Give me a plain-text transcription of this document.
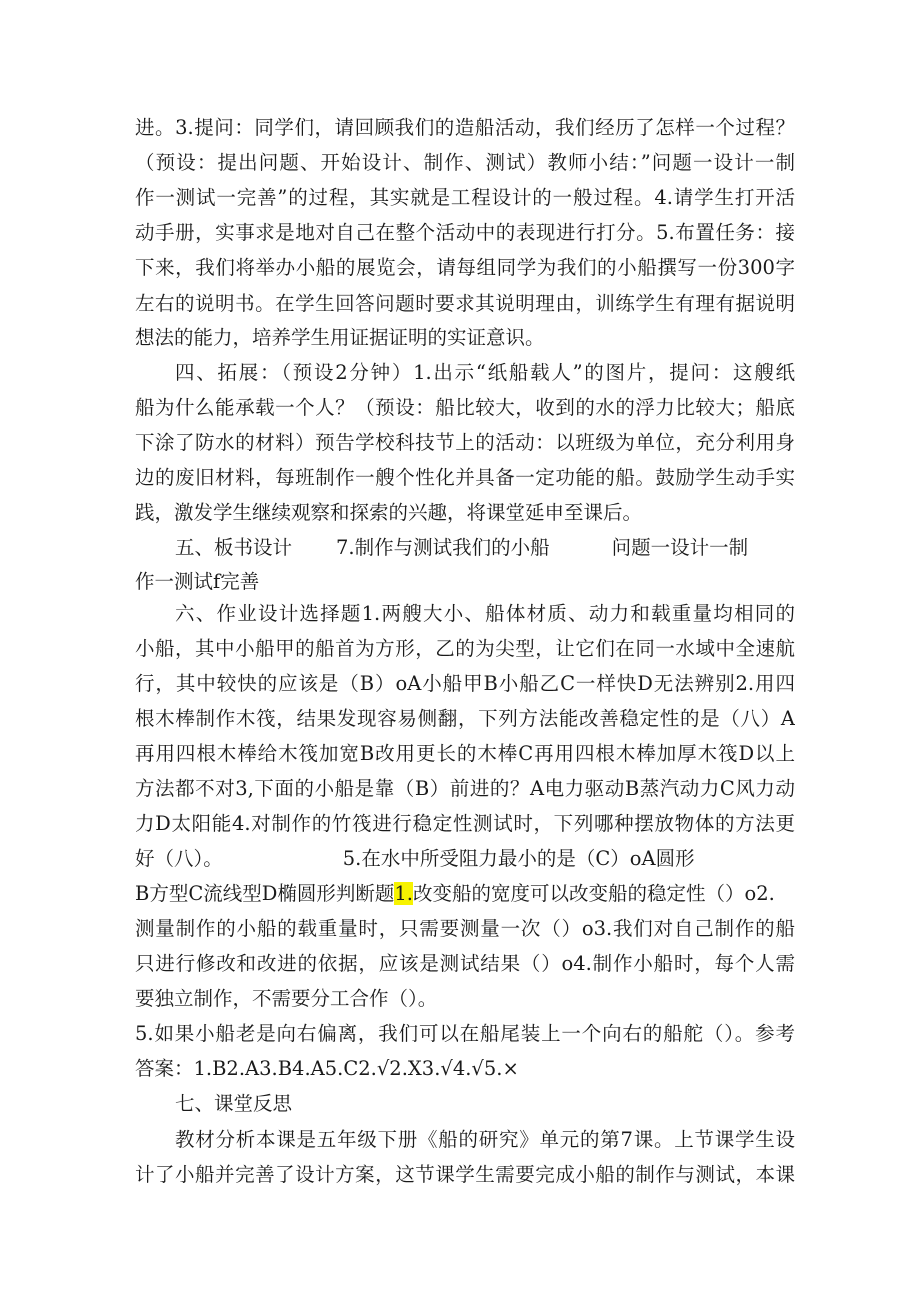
进。3.提问：同学们，请回顾我们的造船活动，我们经历了怎样一个过程？
（预设：提出问题、开始设计、制作、测试）教师小结：”问题一设计一制
作一测试一完善”的过程，其实就是工程设计的一般过程。4.请学生打开活
动手册，实事求是地对自己在整个活动中的表现进行打分。5.布置任务：接
下来，我们将举办小船的展览会，请每组同学为我们的小船撰写一份300字
左右的说明书。在学生回答问题时要求其说明理由，训练学生有理有据说明
想法的能力，培养学生用证据证明的实证意识。
四、拓展：（预设2分钟）1.出示“纸船载人”的图片，提问：这艘纸
船为什么能承载一个人？（预设：船比较大，收到的水的浮力比较大；船底
下涂了防水的材料）预告学校科技节上的活动：以班级为单位，充分利用身
边的废旧材料，每班制作一艘个性化并具备一定功能的船。鼓励学生动手实
践，激发学生继续观察和探索的兴趣，将课堂延申至课后。
五、板书设计 7.制作与测试我们的小船	问题一设计一制
作一测试f完善
六、作业设计选择题1.两艘大小、船体材质、动力和载重量均相同的
小船，其中小船甲的船首为方形，乙的为尖型，让它们在同一水域中全速航
行，其中较快的应该是（B）oA小船甲B小船乙C一样快D无法辨别2.用四
根木棒制作木筏，结果发现容易侧翻，下列方法能改善稳定性的是（八）A
再用四根木棒给木筏加宽B改用更长的木棒C再用四根木棒加厚木筏D以上
方法都不对3,下面的小船是靠（B）前进的？A电力驱动B蒸汽动力C风力动
力D太阳能4.对制作的竹筏进行稳定性测试时，下列哪种摆放物体的方法更
好（八）。	5.在水中所受阻力最小的是（C）oA圆形
B方型C流线型D椭圆形判断题1.改变船的宽度可以改变船的稳定性（）o2.
测量制作的小船的载重量时，只需要测量一次（）o3.我们对自己制作的船
只进行修改和改进的依据，应该是测试结果（）o4.制作小船时，每个人需
要独立制作，不需要分工合作（）。
5.如果小船老是向右偏离，我们可以在船尾装上一个向右的船舵（）。参考
答案：1.B2.A3.B4.A5.C2.√2.X3.√4.√5.×
七、课堂反思
教材分析本课是五年级下册《船的研究》单元的第7课。上节课学生设
计了小船并完善了设计方案，这节课学生需要完成小船的制作与测试，本课
